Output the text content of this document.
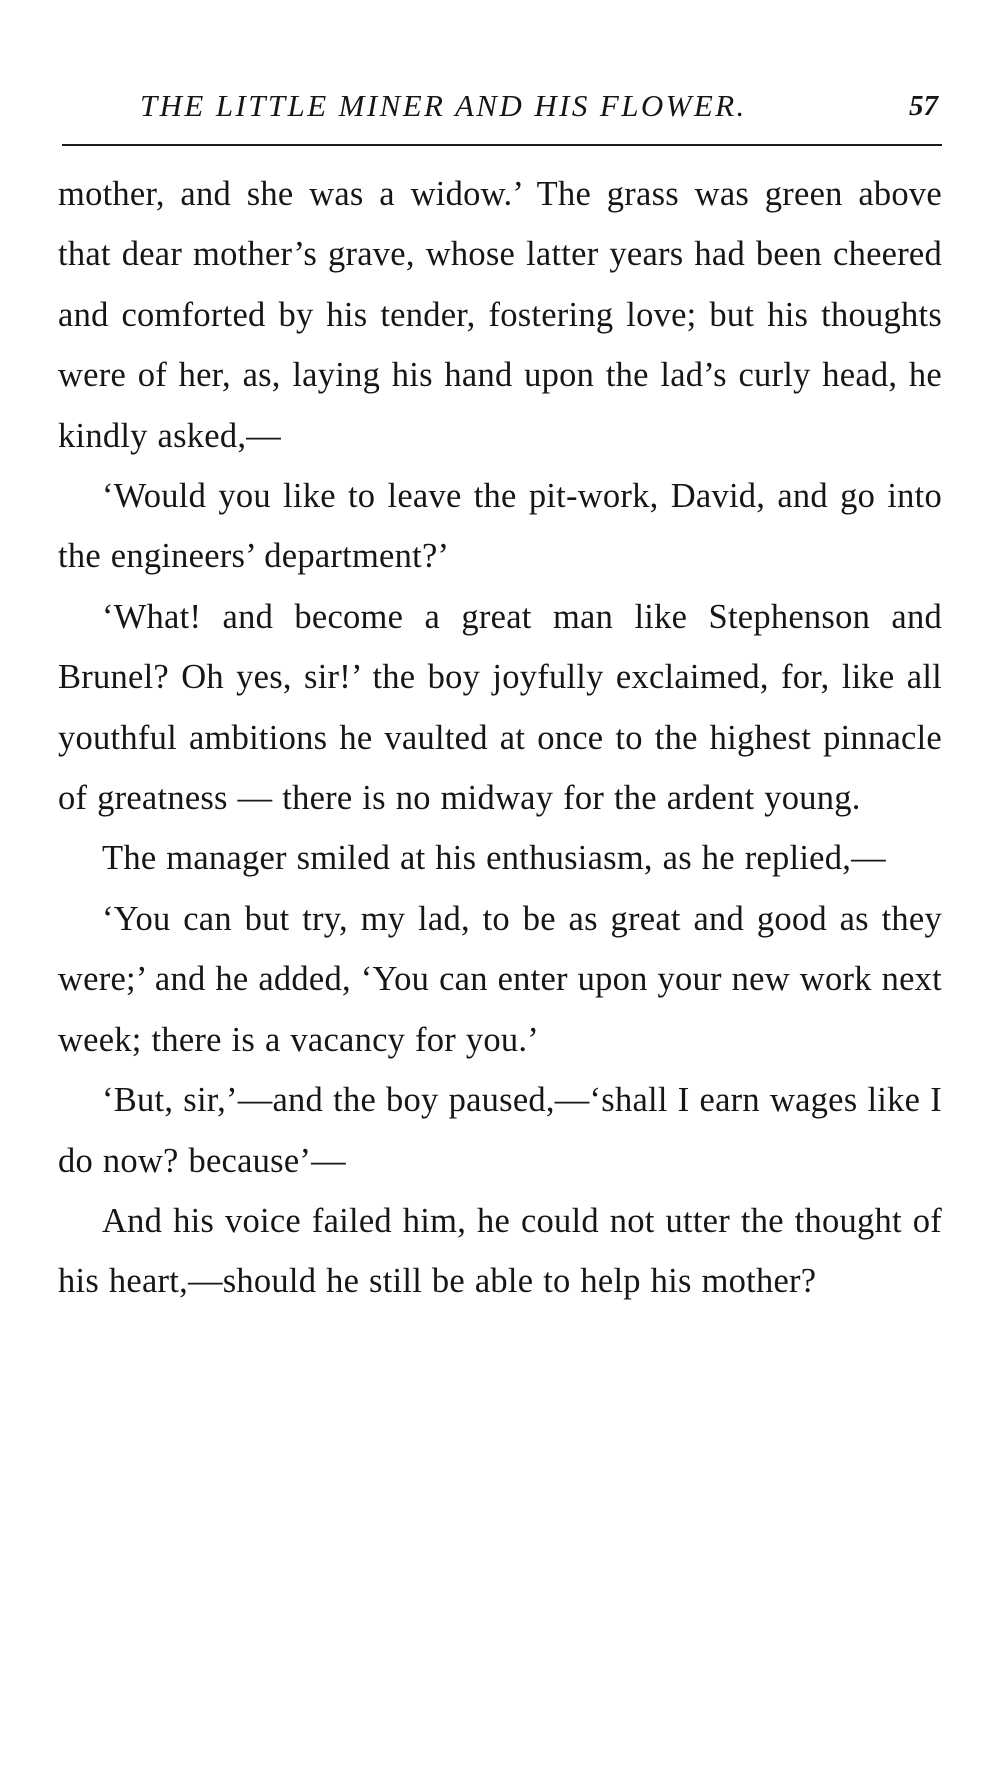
THE LITTLE MINER AND HIS FLOWER.	57

mother, and she was a widow.’ The grass was green above that dear mother’s grave, whose latter years had been cheered and comforted by his tender, fostering love; but his thoughts were of her, as, laying his hand upon the lad’s curly head, he kindly asked,—

‘Would you like to leave the pit-work, David, and go into the engineers’ department?’

‘What! and become a great man like Stephenson and Brunel? Oh yes, sir!’ the boy joyfully exclaimed, for, like all youthful ambitions he vaulted at once to the highest pinnacle of greatness — there is no midway for the ardent young.

The manager smiled at his enthusiasm, as he replied,—

‘You can but try, my lad, to be as great and good as they were;’ and he added, ‘You can enter upon your new work next week; there is a vacancy for you.’

‘But, sir,’—and the boy paused,—‘shall I earn wages like I do now? because’—

And his voice failed him, he could not utter the thought of his heart,—should he still be able to help his mother?
